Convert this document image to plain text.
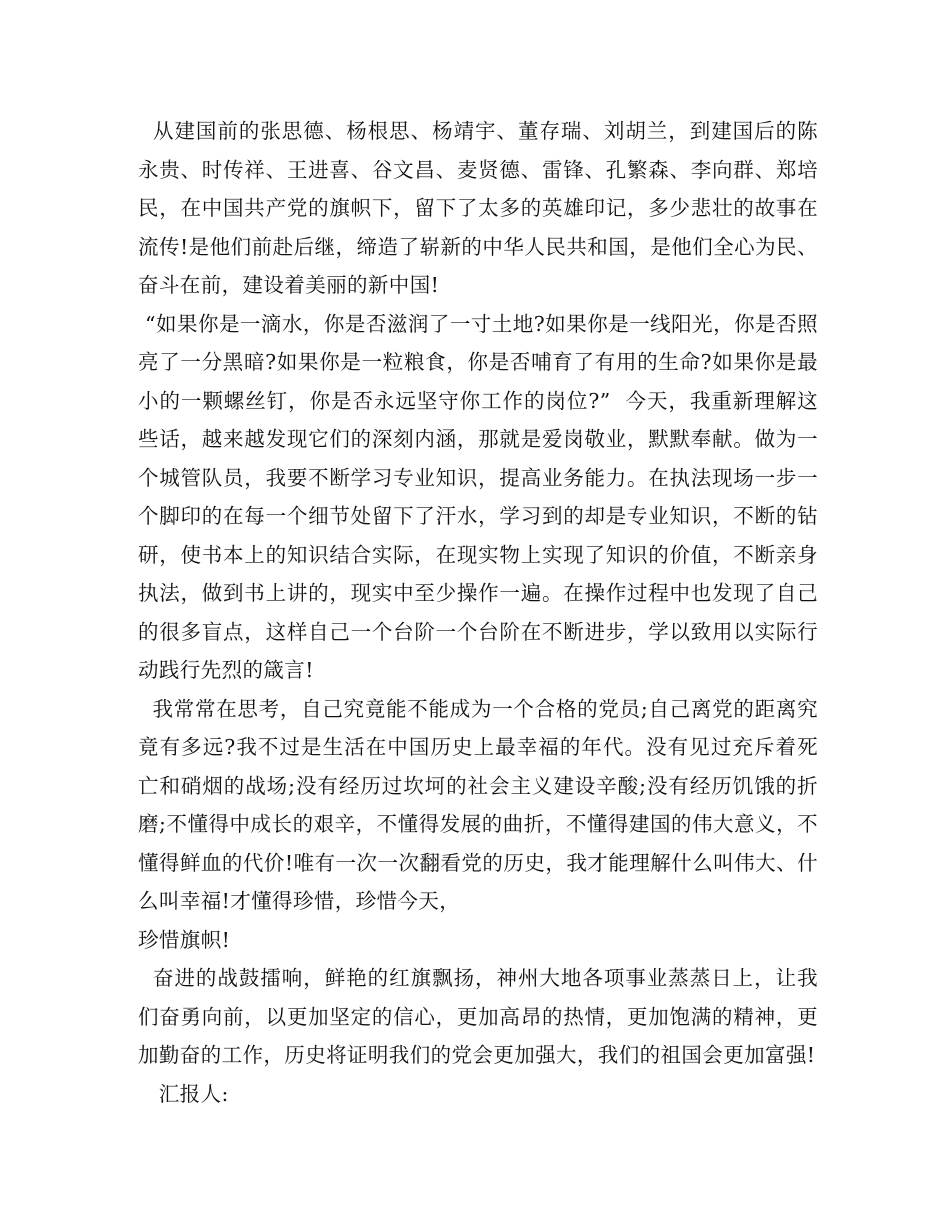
从建国前的张思德、杨根思、杨靖宇、董存瑞、刘胡兰，到建国后的陈永贵、时传祥、王进喜、谷文昌、麦贤德、雷锋、孔繁森、李向群、郑培民，在中国共产党的旗帜下，留下了太多的英雄印记，多少悲壮的故事在流传!是他们前赴后继，缔造了崭新的中华人民共和国，是他们全心为民、奋斗在前，建设着美丽的新中国!

“如果你是一滴水，你是否滋润了一寸土地?如果你是一线阳光，你是否照亮了一分黑暗?如果你是一粒粮食，你是否哺育了有用的生命?如果你是最小的一颗螺丝钉，你是否永远坚守你工作的岗位?”  今天，我重新理解这些话，越来越发现它们的深刻内涵，那就是爱岗敬业，默默奉献。做为一个城管队员，我要不断学习专业知识，提高业务能力。在执法现场一步一个脚印的在每一个细节处留下了汗水，学习到的却是专业知识，不断的钻研，使书本上的知识结合实际，在现实物上实现了知识的价值，不断亲身执法，做到书上讲的，现实中至少操作一遍。在操作过程中也发现了自己的很多盲点，这样自己一个台阶一个台阶在不断进步，学以致用以实际行动践行先烈的箴言!

我常常在思考，自己究竟能不能成为一个合格的党员;自己离党的距离究竟有多远?我不过是生活在中国历史上最幸福的年代。没有见过充斥着死亡和硝烟的战场;没有经历过坎坷的社会主义建设辛酸;没有经历饥饿的折磨;不懂得中成长的艰辛，不懂得发展的曲折，不懂得建国的伟大意义，不懂得鲜血的代价!唯有一次一次翻看党的历史，我才能理解什么叫伟大、什么叫幸福!才懂得珍惜，珍惜今天，

珍惜旗帜!

奋进的战鼓擂响，鲜艳的红旗飘扬，神州大地各项事业蒸蒸日上，让我们奋勇向前，以更加坚定的信心，更加高昂的热情，更加饱满的精神，更加勤奋的工作，历史将证明我们的党会更加强大，我们的祖国会更加富强!

汇报人:
